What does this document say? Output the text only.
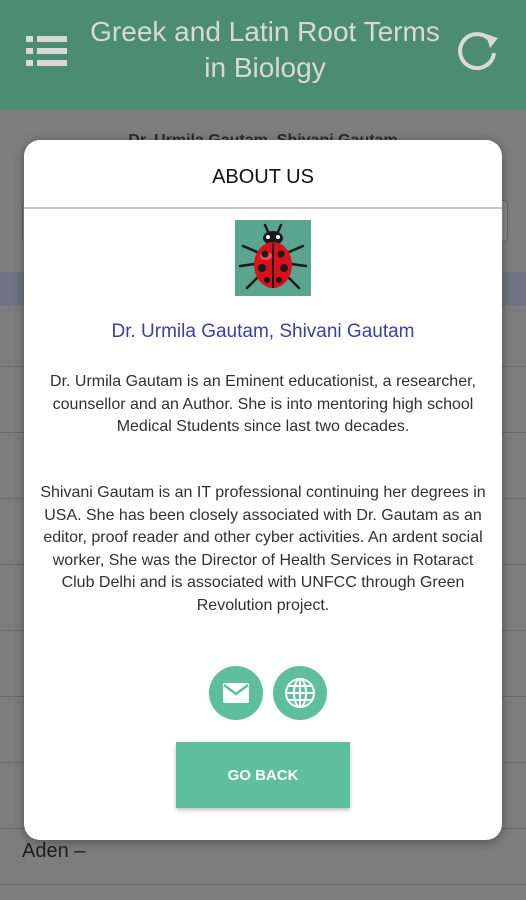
Greek and Latin Root Terms in Biology
Aden –
ABOUT US
Dr. Urmila Gautam, Shivani Gautam
Dr. Urmila Gautam is an Eminent educationist, a researcher, counsellor and an Author. She is into mentoring high school Medical Students since last two decades.
Shivani Gautam is an IT professional continuing her degrees in USA. She has been closely associated with Dr. Gautam as an editor, proof reader and other cyber activities. An ardent social worker, She was the Director of Health Services in Rotaract Club Delhi and is associated with UNFCC through Green Revolution project.
GO BACK
